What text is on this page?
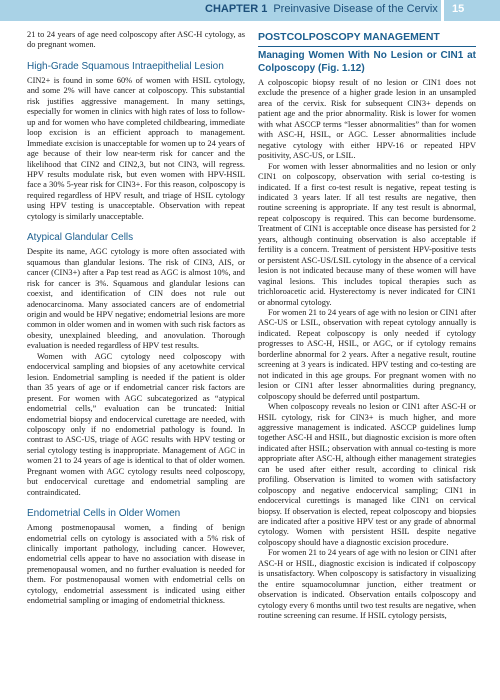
CHAPTER 1 Preinvasive Disease of the Cervix 15

21 to 24 years of age need colposcopy after ASC-H cytology, as do pregnant women.

High-Grade Squamous Intraepithelial Lesion

CIN2+ is found in some 60% of women with HSIL cytology, and some 2% will have cancer at colposcopy. This substantial risk justifies aggressive management. In many settings, especially for women in clinics with high rates of loss to follow-up and for women who have completed childbearing, immediate loop excision is an efficient approach to management. Immediate excision is unacceptable for women up to 24 years of age because of their low near-term risk for cancer and the likelihood that CIN2 and CIN2,3, but not CIN3, will regress. HPV results modulate risk, but even women with HPV-HSIL face a 30% 5-year risk for CIN3+. For this reason, colposcopy is required regardless of HPV result, and triage of HSIL cytology using HPV testing is unacceptable. Observation with repeat cytology is similarly unacceptable.

Atypical Glandular Cells

Despite its name, AGC cytology is more often associated with squamous than glandular lesions. The risk of CIN3, AIS, or cancer (CIN3+) after a Pap test read as AGC is almost 10%, and risk for cancer is 3%. Squamous and glandular lesions can coexist, and identification of CIN does not rule out adenocarcinoma. Many associated cancers are of endometrial origin and would be HPV negative; endometrial lesions are more common in older women and in women with such risk factors as obesity, unexplained bleeding, and anovulation. Thorough evaluation is needed regardless of HPV test results.

Women with AGC cytology need colposcopy with endocervical sampling and biopsies of any acetowhite cervical lesion. Endometrial sampling is needed if the patient is older than 35 years of age or if endometrial cancer risk factors are present. For women with AGC subcategorized as “atypical endometrial cells,” evaluation can be truncated: Initial endometrial biopsy and endocervical curettage are needed, with colposcopy only if no endometrial pathology is found. In contrast to ASC-US, triage of AGC results with HPV testing or serial cytology testing is inappropriate. Management of AGC in women 21 to 24 years of age is identical to that of older women. Pregnant women with AGC cytology results need colposcopy, but endocervical curettage and endometrial sampling are contraindicated.

Endometrial Cells in Older Women

Among postmenopausal women, a finding of benign endometrial cells on cytology is associated with a 5% risk of clinically important pathology, including cancer. However, endometrial cells appear to have no association with disease in premenopausal women, and no further evaluation is needed for them. For postmenopausal women with endometrial cells on cytology, endometrial assessment is indicated using either endometrial sampling or imaging of endometrial thickness.

POSTCOLPOSCOPY MANAGEMENT
Managing Women With No Lesion or CIN1 at Colposcopy (Fig. 1.12)

A colposcopic biopsy result of no lesion or CIN1 does not exclude the presence of a higher grade lesion in an unsampled area of the cervix. Risk for subsequent CIN3+ depends on patient age and the prior abnormality. Risk is lower for women with what ASCCP terms “lesser abnormalities” than for women with ASC-H, HSIL, or AGC. Lesser abnormalities include negative cytology with either HPV-16 or repeated HPV positivity, ASC-US, or LSIL.

For women with lesser abnormalities and no lesion or only CIN1 on colposcopy, observation with serial co-testing is indicated. If a first co-test result is negative, repeat testing is indicated 3 years later. If all test results are negative, then routine screening is appropriate. If any test result is abnormal, repeat colposcopy is required. This can become burdensome. Treatment of CIN1 is acceptable once disease has persisted for 2 years, although continuing observation is also acceptable if fertility is a concern. Treatment of persistent HPV-positive tests or persistent ASC-US/LSIL cytology in the absence of a cervical lesion is not indicated because many of these women will have vaginal lesions. This includes topical therapies such as trichloroacetic acid. Hysterectomy is never indicated for CIN1 or abnormal cytology.

For women 21 to 24 years of age with no lesion or CIN1 after ASC-US or LSIL, observation with repeat cytology annually is indicated. Repeat colposcopy is only needed if cytology progresses to ASC-H, HSIL, or AGC, or if cytology remains borderline abnormal for 2 years. After a negative result, routine screening at 3 years is indicated. HPV testing and co-testing are not indicated in this age groups. For pregnant women with no lesion or CIN1 after lesser abnormalities during pregnancy, colposcopy should be deferred until postpartum.

When colposcopy reveals no lesion or CIN1 after ASC-H or HSIL cytology, risk for CIN3+ is much higher, and more aggressive management is indicated. ASCCP guidelines lump together ASC-H and HSIL, but diagnostic excision is more often indicated after HSIL; observation with annual co-testing is more appropriate after ASC-H, although either management strategies can be used after either result, according to clinical risk profiling. Observation is limited to women with satisfactory colposcopy and negative endocervical sampling; CIN1 in endocervical curettings is managed like CIN1 on cervical biopsy. If observation is elected, repeat colposcopy and biopsies are indicated after a positive HPV test or any grade of abnormal cytology. Women with persistent HSIL despite negative colposcopy should have a diagnostic excision procedure.

For women 21 to 24 years of age with no lesion or CIN1 after ASC-H or HSIL, diagnostic excision is indicated if colposcopy is unsatisfactory. When colposcopy is satisfactory in visualizing the entire squamocolumnar junction, either treatment or observation is indicated. Observation entails colposcopy and cytology every 6 months until two test results are negative, when routine screening can resume. If HSIL cytology persists,
